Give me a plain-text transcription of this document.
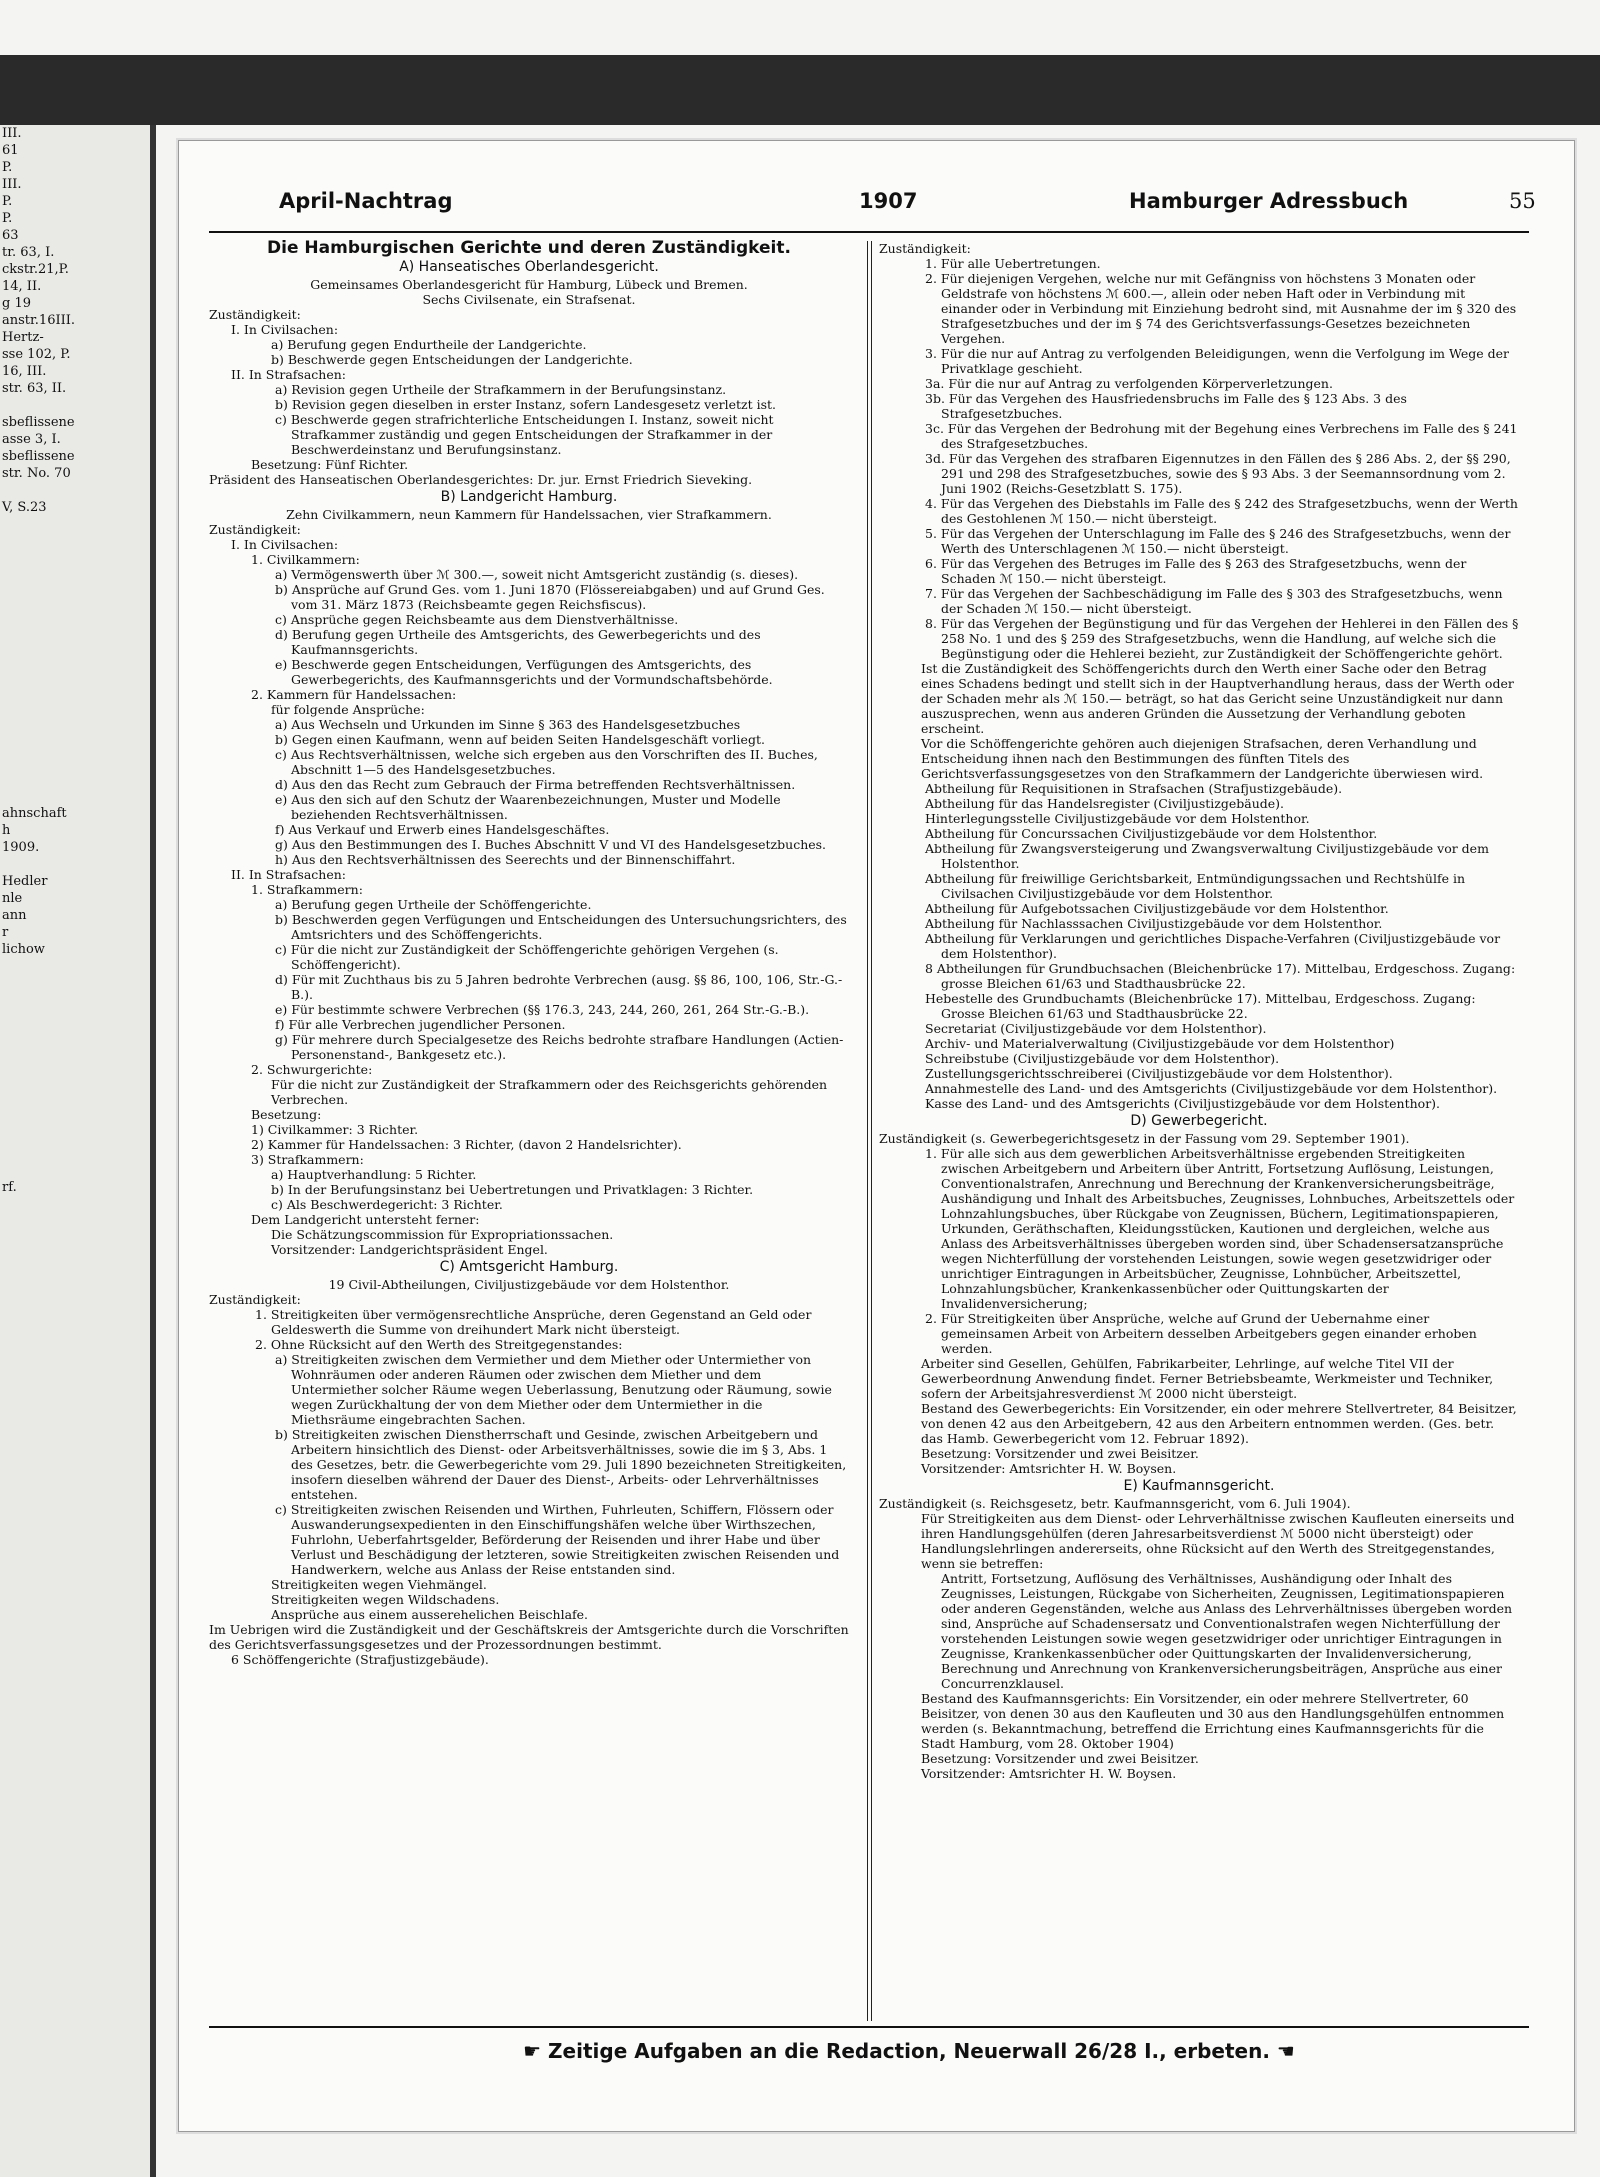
III.
61
P.
III.
P.
P.
63
tr. 63, I.
ckstr.21,P.
14, II.
g 19
anstr.16III.
Hertz-
sse 102, P.
16, III.
str. 63, II.

sbeflissene
asse 3, I.
sbeflissene
str. No. 70

V, S.23

ahnschaft
h
1909.

Hedler
nle
ann
r
lichow

rf.
April-Nachtrag	1907	Hamburger Adressbuch	55

Die Hamburgischen Gerichte und deren Zuständigkeit.

A) Hanseatisches Oberlandesgericht.

Gemeinsames Oberlandesgericht für Hamburg, Lübeck und Bremen.

Sechs Civilsenate, ein Strafsenat.

Zuständigkeit:

I. In Civilsachen:

a) Berufung gegen Endurtheile der Landgerichte.

b) Beschwerde gegen Entscheidungen der Landgerichte.

II. In Strafsachen:

a) Revision gegen Urtheile der Strafkammern in der Berufungsinstanz.

b) Revision gegen dieselben in erster Instanz, sofern Landesgesetz verletzt ist.

c) Beschwerde gegen strafrichterliche Entscheidungen I. Instanz, soweit nicht Strafkammer zuständig und gegen Entscheidungen der Strafkammer in der Beschwerdeinstanz und Berufungsinstanz.

Besetzung: Fünf Richter.

Präsident des Hanseatischen Oberlandesgerichtes: Dr. jur. Ernst Friedrich Sieveking.

B) Landgericht Hamburg.

Zehn Civilkammern, neun Kammern für Handelssachen, vier Strafkammern.

Zuständigkeit:

I. In Civilsachen:

1. Civilkammern:

a) Vermögenswerth über ℳ 300.—, soweit nicht Amtsgericht zuständig (s. dieses).

b) Ansprüche auf Grund Ges. vom 1. Juni 1870 (Flössereiabgaben) und auf Grund Ges. vom 31. März 1873 (Reichsbeamte gegen Reichsfiscus).

c) Ansprüche gegen Reichsbeamte aus dem Dienstverhältnisse.

d) Berufung gegen Urtheile des Amtsgerichts, des Gewerbegerichts und des Kaufmannsgerichts.

e) Beschwerde gegen Entscheidungen, Verfügungen des Amtsgerichts, des Gewerbegerichts, des Kaufmannsgerichts und der Vormundschaftsbehörde.

2. Kammern für Handelssachen:

für folgende Ansprüche:

a) Aus Wechseln und Urkunden im Sinne § 363 des Handelsgesetzbuches

b) Gegen einen Kaufmann, wenn auf beiden Seiten Handelsgeschäft vorliegt.

c) Aus Rechtsverhältnissen, welche sich ergeben aus den Vorschriften des II. Buches, Abschnitt 1—5 des Handelsgesetzbuches.

d) Aus den das Recht zum Gebrauch der Firma betreffenden Rechtsverhältnissen.

e) Aus den sich auf den Schutz der Waarenbezeichnungen, Muster und Modelle beziehenden Rechtsverhältnissen.

f) Aus Verkauf und Erwerb eines Handelsgeschäftes.

g) Aus den Bestimmungen des I. Buches Abschnitt V und VI des Handelsgesetzbuches.

h) Aus den Rechtsverhältnissen des Seerechts und der Binnenschiffahrt.

II. In Strafsachen:

1. Strafkammern:

a) Berufung gegen Urtheile der Schöffengerichte.

b) Beschwerden gegen Verfügungen und Entscheidungen des Untersuchungsrichters, des Amtsrichters und des Schöffengerichts.

c) Für die nicht zur Zuständigkeit der Schöffengerichte gehörigen Vergehen (s. Schöffengericht).

d) Für mit Zuchthaus bis zu 5 Jahren bedrohte Verbrechen (ausg. §§ 86, 100, 106, Str.-G.-B.).

e) Für bestimmte schwere Verbrechen (§§ 176.3, 243, 244, 260, 261, 264 Str.-G.-B.).

f) Für alle Verbrechen jugendlicher Personen.

g) Für mehrere durch Specialgesetze des Reichs bedrohte strafbare Handlungen (Actien-Personenstand-, Bankgesetz etc.).

2. Schwurgerichte:

Für die nicht zur Zuständigkeit der Strafkammern oder des Reichsgerichts gehörenden Verbrechen.

Besetzung:

1) Civilkammer: 3 Richter.

2) Kammer für Handelssachen: 3 Richter, (davon 2 Handelsrichter).

3) Strafkammern:

a) Hauptverhandlung: 5 Richter.

b) In der Berufungsinstanz bei Uebertretungen und Privatklagen: 3 Richter.

c) Als Beschwerdegericht: 3 Richter.

Dem Landgericht untersteht ferner:

Die Schätzungscommission für Expropriationssachen.

Vorsitzender: Landgerichtspräsident Engel.

C) Amtsgericht Hamburg.

19 Civil-Abtheilungen, Civiljustizgebäude vor dem Holstenthor.

Zuständigkeit:

1. Streitigkeiten über vermögensrechtliche Ansprüche, deren Gegenstand an Geld oder Geldeswerth die Summe von dreihundert Mark nicht übersteigt.

2. Ohne Rücksicht auf den Werth des Streitgegenstandes:

a) Streitigkeiten zwischen dem Vermiether und dem Miether oder Untermiether von Wohnräumen oder anderen Räumen oder zwischen dem Miether und dem Untermiether solcher Räume wegen Ueberlassung, Benutzung oder Räumung, sowie wegen Zurückhaltung der von dem Miether oder dem Untermiether in die Miethsräume eingebrachten Sachen.

b) Streitigkeiten zwischen Dienstherrschaft und Gesinde, zwischen Arbeitgebern und Arbeitern hinsichtlich des Dienst- oder Arbeitsverhältnisses, sowie die im § 3, Abs. 1 des Gesetzes, betr. die Gewerbegerichte vom 29. Juli 1890 bezeichneten Streitigkeiten, insofern dieselben während der Dauer des Dienst-, Arbeits- oder Lehrverhältnisses entstehen.

c) Streitigkeiten zwischen Reisenden und Wirthen, Fuhrleuten, Schiffern, Flössern oder Auswanderungsexpedienten in den Einschiffungshäfen welche über Wirthszechen, Fuhrlohn, Ueberfahrtsgelder, Beförderung der Reisenden und ihrer Habe und über Verlust und Beschädigung der letzteren, sowie Streitigkeiten zwischen Reisenden und Handwerkern, welche aus Anlass der Reise entstanden sind.

Streitigkeiten wegen Viehmängel.

Streitigkeiten wegen Wildschadens.

Ansprüche aus einem ausserehelichen Beischlafe.

Im Uebrigen wird die Zuständigkeit und der Geschäftskreis der Amtsgerichte durch die Vorschriften des Gerichtsverfassungsgesetzes und der Prozessordnungen bestimmt.

6 Schöffengerichte (Strafjustizgebäude).

Zuständigkeit:

1. Für alle Uebertretungen.

2. Für diejenigen Vergehen, welche nur mit Gefängniss von höchstens 3 Monaten oder Geldstrafe von höchstens ℳ 600.—, allein oder neben Haft oder in Verbindung mit einander oder in Verbindung mit Einziehung bedroht sind, mit Ausnahme der im § 320 des Strafgesetzbuches und der im § 74 des Gerichtsverfassungs-Gesetzes bezeichneten Vergehen.

3. Für die nur auf Antrag zu verfolgenden Beleidigungen, wenn die Verfolgung im Wege der Privatklage geschieht.

3a. Für die nur auf Antrag zu verfolgenden Körperverletzungen.

3b. Für das Vergehen des Hausfriedensbruchs im Falle des § 123 Abs. 3 des Strafgesetzbuches.

3c. Für das Vergehen der Bedrohung mit der Begehung eines Verbrechens im Falle des § 241 des Strafgesetzbuches.

3d. Für das Vergehen des strafbaren Eigennutzes in den Fällen des § 286 Abs. 2, der §§ 290, 291 und 298 des Strafgesetzbuches, sowie des § 93 Abs. 3 der Seemannsordnung vom 2. Juni 1902 (Reichs-Gesetzblatt S. 175).

4. Für das Vergehen des Diebstahls im Falle des § 242 des Strafgesetzbuchs, wenn der Werth des Gestohlenen ℳ 150.— nicht übersteigt.

5. Für das Vergehen der Unterschlagung im Falle des § 246 des Strafgesetzbuchs, wenn der Werth des Unterschlagenen ℳ 150.— nicht übersteigt.

6. Für das Vergehen des Betruges im Falle des § 263 des Strafgesetzbuchs, wenn der Schaden ℳ 150.— nicht übersteigt.

7. Für das Vergehen der Sachbeschädigung im Falle des § 303 des Strafgesetzbuchs, wenn der Schaden ℳ 150.— nicht übersteigt.

8. Für das Vergehen der Begünstigung und für das Vergehen der Hehlerei in den Fällen des § 258 No. 1 und des § 259 des Strafgesetzbuchs, wenn die Handlung, auf welche sich die Begünstigung oder die Hehlerei bezieht, zur Zuständigkeit der Schöffengerichte gehört.

Ist die Zuständigkeit des Schöffengerichts durch den Werth einer Sache oder den Betrag eines Schadens bedingt und stellt sich in der Hauptverhandlung heraus, dass der Werth oder der Schaden mehr als ℳ 150.— beträgt, so hat das Gericht seine Unzuständigkeit nur dann auszusprechen, wenn aus anderen Gründen die Aussetzung der Verhandlung geboten erscheint.

Vor die Schöffengerichte gehören auch diejenigen Strafsachen, deren Verhandlung und Entscheidung ihnen nach den Bestimmungen des fünften Titels des Gerichtsverfassungsgesetzes von den Strafkammern der Landgerichte überwiesen wird.

Abtheilung für Requisitionen in Strafsachen (Strafjustizgebäude).

Abtheilung für das Handelsregister (Civiljustizgebäude).

Hinterlegungsstelle Civiljustizgebäude vor dem Holstenthor.

Abtheilung für Concurssachen Civiljustizgebäude vor dem Holstenthor.

Abtheilung für Zwangsversteigerung und Zwangsverwaltung Civiljustizgebäude vor dem Holstenthor.

Abtheilung für freiwillige Gerichtsbarkeit, Entmündigungssachen und Rechtshülfe in Civilsachen Civiljustizgebäude vor dem Holstenthor.

Abtheilung für Aufgebotssachen Civiljustizgebäude vor dem Holstenthor.

Abtheilung für Nachlasssachen Civiljustizgebäude vor dem Holstenthor.

Abtheilung für Verklarungen und gerichtliches Dispache-Verfahren (Civiljustizgebäude vor dem Holstenthor).

8 Abtheilungen für Grundbuchsachen (Bleichenbrücke 17). Mittelbau, Erdgeschoss. Zugang: grosse Bleichen 61/63 und Stadthausbrücke 22.

Hebestelle des Grundbuchamts (Bleichenbrücke 17). Mittelbau, Erdgeschoss. Zugang: Grosse Bleichen 61/63 und Stadthausbrücke 22.

Secretariat (Civiljustizgebäude vor dem Holstenthor).

Archiv- und Materialverwaltung (Civiljustizgebäude vor dem Holstenthor)

Schreibstube (Civiljustizgebäude vor dem Holstenthor).

Zustellungsgerichtsschreiberei (Civiljustizgebäude vor dem Holstenthor).

Annahmestelle des Land- und des Amtsgerichts (Civiljustizgebäude vor dem Holstenthor).

Kasse des Land- und des Amtsgerichts (Civiljustizgebäude vor dem Holstenthor).

D) Gewerbegericht.

Zuständigkeit (s. Gewerbegerichtsgesetz in der Fassung vom 29. September 1901).

1. Für alle sich aus dem gewerblichen Arbeitsverhältnisse ergebenden Streitigkeiten zwischen Arbeitgebern und Arbeitern über Antritt, Fortsetzung Auflösung, Leistungen, Conventionalstrafen, Anrechnung und Berechnung der Krankenversicherungsbeiträge, Aushändigung und Inhalt des Arbeitsbuches, Zeugnisses, Lohnbuches, Arbeitszettels oder Lohnzahlungsbuches, über Rückgabe von Zeugnissen, Büchern, Legitimationspapieren, Urkunden, Geräthschaften, Kleidungsstücken, Kautionen und dergleichen, welche aus Anlass des Arbeitsverhältnisses übergeben worden sind, über Schadensersatzansprüche wegen Nichterfüllung der vorstehenden Leistungen, sowie wegen gesetzwidriger oder unrichtiger Eintragungen in Arbeitsbücher, Zeugnisse, Lohnbücher, Arbeitszettel, Lohnzahlungsbücher, Krankenkassenbücher oder Quittungskarten der Invalidenversicherung;

2. Für Streitigkeiten über Ansprüche, welche auf Grund der Uebernahme einer gemeinsamen Arbeit von Arbeitern desselben Arbeitgebers gegen einander erhoben werden.

Arbeiter sind Gesellen, Gehülfen, Fabrikarbeiter, Lehrlinge, auf welche Titel VII der Gewerbeordnung Anwendung findet. Ferner Betriebsbeamte, Werkmeister und Techniker, sofern der Arbeitsjahresverdienst ℳ 2000 nicht übersteigt.

Bestand des Gewerbegerichts: Ein Vorsitzender, ein oder mehrere Stellvertreter, 84 Beisitzer, von denen 42 aus den Arbeitgebern, 42 aus den Arbeitern entnommen werden. (Ges. betr. das Hamb. Gewerbegericht vom 12. Februar 1892).

Besetzung: Vorsitzender und zwei Beisitzer.

Vorsitzender: Amtsrichter H. W. Boysen.

E) Kaufmannsgericht.

Zuständigkeit (s. Reichsgesetz, betr. Kaufmannsgericht, vom 6. Juli 1904).

Für Streitigkeiten aus dem Dienst- oder Lehrverhältnisse zwischen Kaufleuten einerseits und ihren Handlungsgehülfen (deren Jahresarbeitsverdienst ℳ 5000 nicht übersteigt) oder Handlungslehrlingen andererseits, ohne Rücksicht auf den Werth des Streitgegenstandes, wenn sie betreffen:

Antritt, Fortsetzung, Auflösung des Verhältnisses, Aushändigung oder Inhalt des Zeugnisses, Leistungen, Rückgabe von Sicherheiten, Zeugnissen, Legitimationspapieren oder anderen Gegenständen, welche aus Anlass des Lehrverhältnisses übergeben worden sind, Ansprüche auf Schadensersatz und Conventionalstrafen wegen Nichterfüllung der vorstehenden Leistungen sowie wegen gesetzwidriger oder unrichtiger Eintragungen in Zeugnisse, Krankenkassenbücher oder Quittungskarten der Invalidenversicherung, Berechnung und Anrechnung von Krankenversicherungsbeiträgen, Ansprüche aus einer Concurrenzklausel.

Bestand des Kaufmannsgerichts: Ein Vorsitzender, ein oder mehrere Stellvertreter, 60 Beisitzer, von denen 30 aus den Kaufleuten und 30 aus den Handlungsgehülfen entnommen werden (s. Bekanntmachung, betreffend die Errichtung eines Kaufmannsgerichts für die Stadt Hamburg, vom 28. Oktober 1904)

Besetzung: Vorsitzender und zwei Beisitzer.

Vorsitzender: Amtsrichter H. W. Boysen.

☛ Zeitige Aufgaben an die Redaction, Neuerwall 26/28 I., erbeten. ☚
